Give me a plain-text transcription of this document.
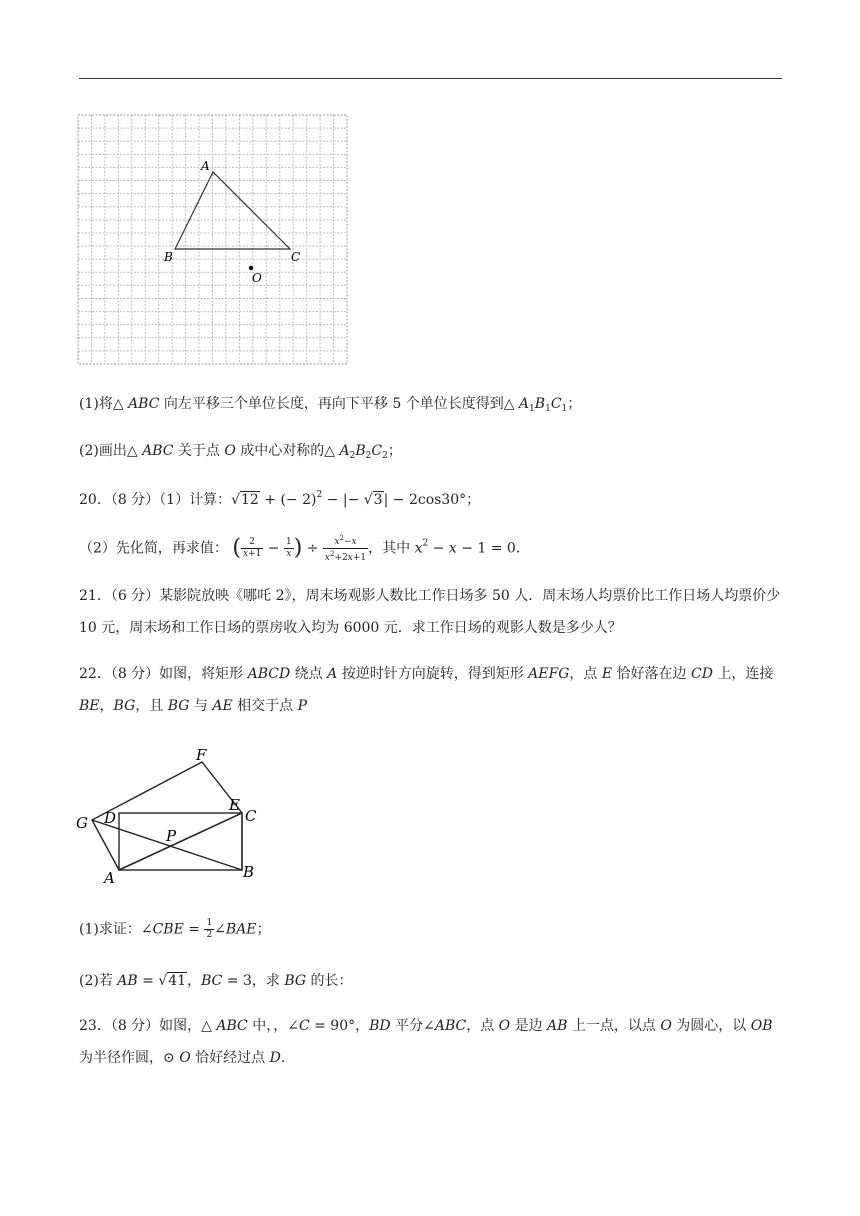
A
B	C
O
(1)将△ ABC 向左平移三个单位长度，再向下平移 5 个单位长度得到△ $A_1B_1C_1$；
(2)画出△ ABC 关于点 O 成中心对称的△ $A_2B_2C_2$；
20．（8 分）（1）计算：√12 + (− 2)$^2$ − |− √3| − 2cos30°；
（2）先化简，再求值： ( $\frac{2}{x+1} - \frac{1}{x}$ ) ÷ $\frac{x^2-x}{x^2+2x+1}$ ，其中 $x^2 - x - 1 = 0$．
21．（6 分）某影院放映《哪吒 2》，周末场观影人数比工作日场多 50 人．周末场人均票价比工作日场人均票价少 10 元，周末场和工作日场的票房收入均为 6000 元．求工作日场的观影人数是多少人？
22．（8 分）如图，将矩形 ABCD 绕点 A 按逆时针方向旋转，得到矩形 AEFG，点 E 恰好落在边 CD 上，连接 BE，BG，且 BG 与 AE 相交于点 P
F
G D
E
C
P
A	B
(1)求证：∠CBE = $\frac{1}{2}$ ∠BAE；
(2)若 AB = √41，BC = 3，求 BG 的长：
23．（8 分）如图，△ ABC 中，，∠C = 90°，BD 平分∠ABC，点 O 是边 AB 上一点，以点 O 为圆心，以 OB 为半径作圆，⊙ O 恰好经过点 D.
